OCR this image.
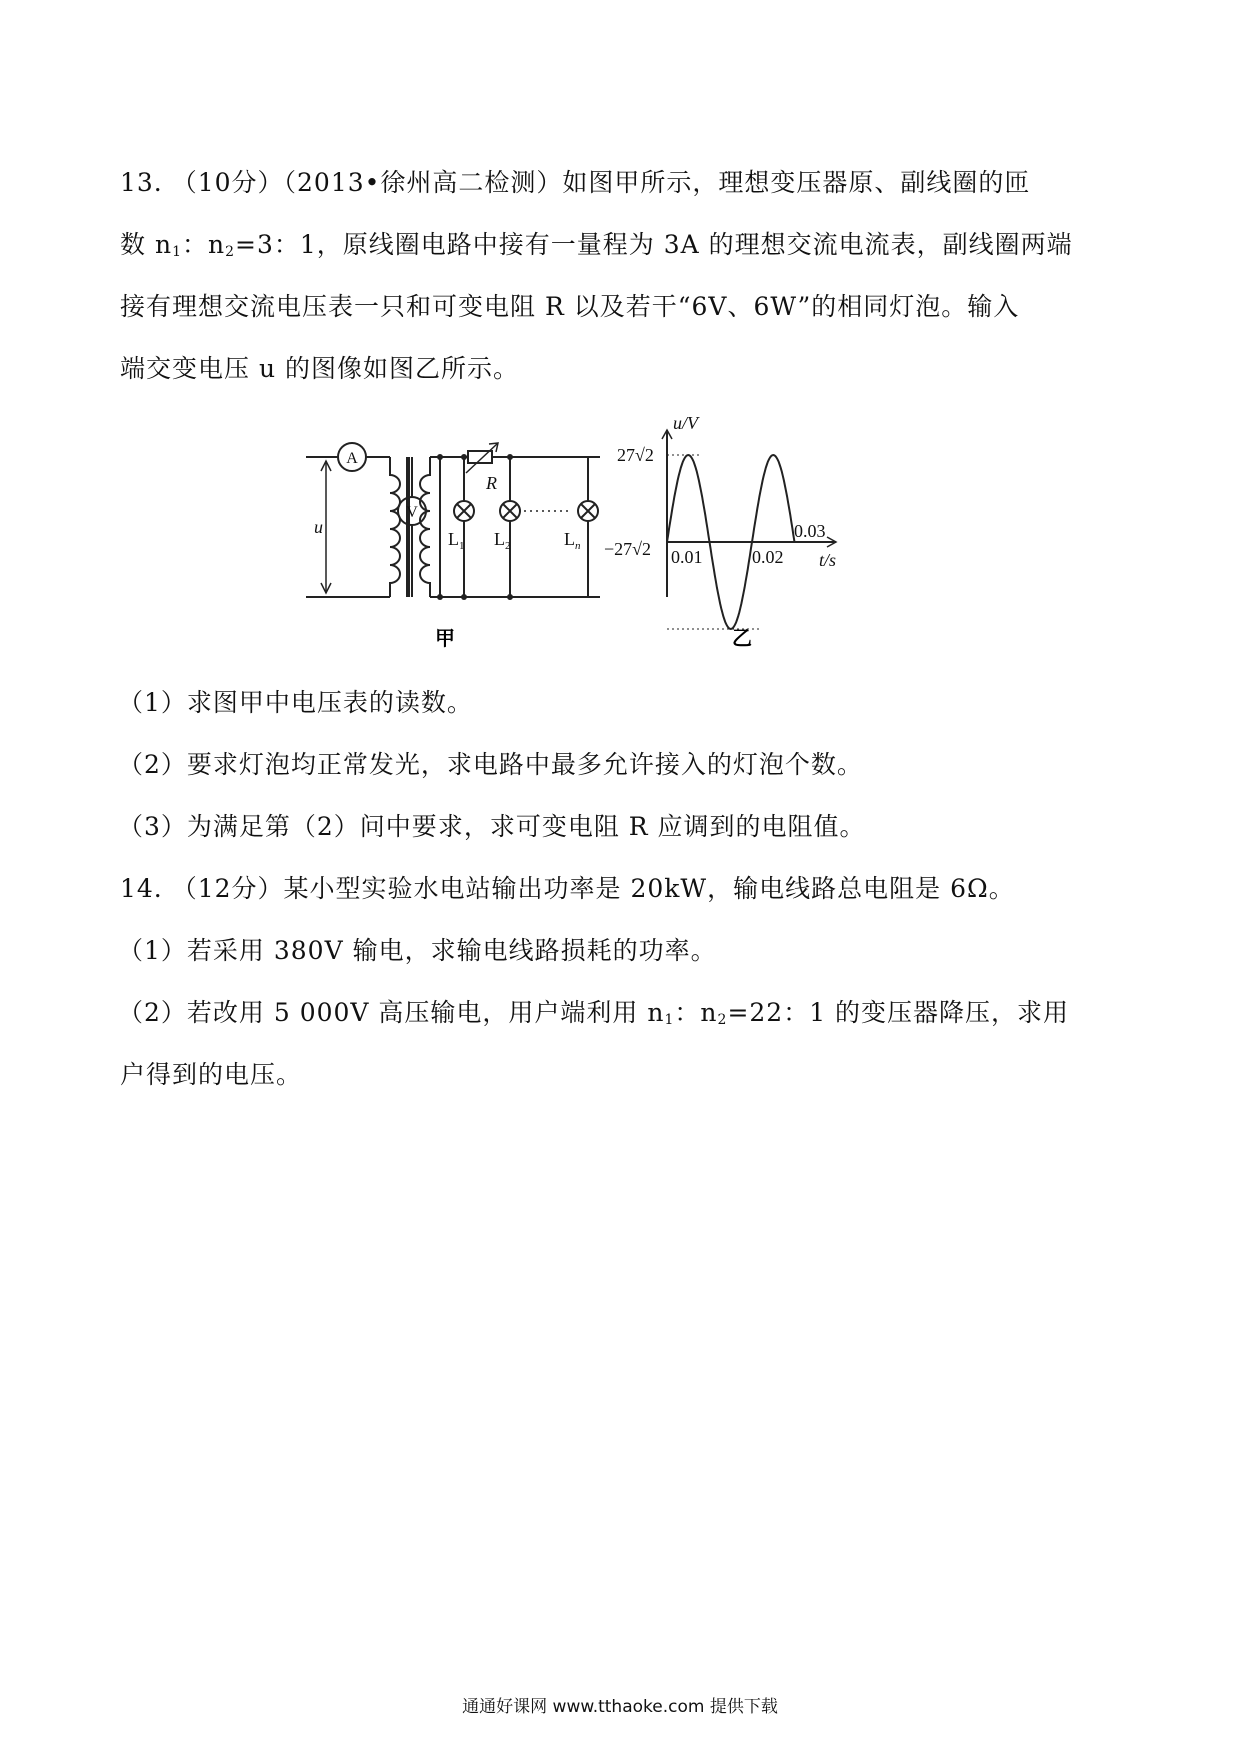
13. （10分）（2013•徐州高二检测）如图甲所示，理想变压器原、副线圈的匝
数 $n_1$：$n_2=3$：1，原线圈电路中接有一量程为 3A 的理想交流电流表，副线圈两端
接有理想交流电压表一只和可变电阻 R 以及若干“6V、6W”的相同灯泡。输入
端交变电压 u 的图像如图乙所示。
A
V
u
R
$L_1$ $L_2$	$L_n$
甲
u/V
t/s
27√2
−27√2 0.01	0.02
0.03
乙
（1）求图甲中电压表的读数。
（2）要求灯泡均正常发光，求电路中最多允许接入的灯泡个数。
（3）为满足第（2）问中要求，求可变电阻 R 应调到的电阻值。
14. （12分）某小型实验水电站输出功率是 20kW，输电线路总电阻是 6Ω。
（1）若采用 380V 输电，求输电线路损耗的功率。
（2）若改用 5 000V 高压输电，用户端利用 $n_1$：$n_2=22$：1 的变压器降压，求用
户得到的电压。
通通好课网 www.tthaoke.com 提供下载
